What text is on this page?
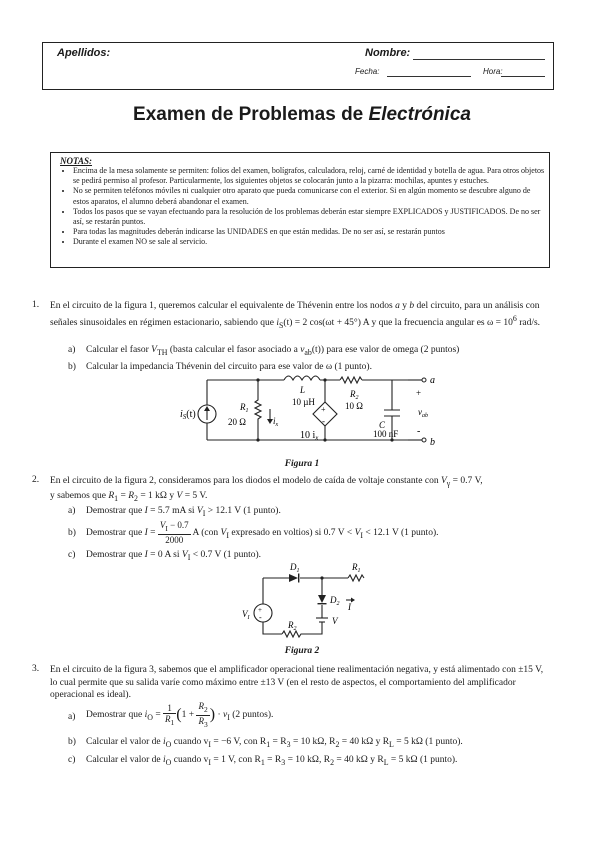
Apellidos:	Nombre:
Fecha:	Hora:
Examen de Problemas de Electrónica
NOTAS:
• Encima de la mesa solamente se permiten: folios del examen, bolígrafos, calculadora, reloj, carné de identidad y botella de agua. Para otros objetos se pedirá permiso al profesor. Particularmente, los siguientes objetos se colocarán junto a la pizarra: mochilas, apuntes y estuches.
• No se permiten teléfonos móviles ni cualquier otro aparato que pueda comunicarse con el exterior. Si en algún momento se descubre alguno de estos aparatos, el alumno deberá abandonar el examen.
• Todos los pasos que se vayan efectuando para la resolución de los problemas deberán estar siempre EXPLICADOS y JUSTIFICADOS. De no ser así, se restarán puntos.
• Para todas las magnitudes deberán indicarse las UNIDADES en que están medidas. De no ser así, se restarán puntos
• Durante el examen NO se sale al servicio.
1. En el circuito de la figura 1, queremos calcular el equivalente de Thévenin entre los nodos a y b del circuito, para un análisis con señales sinusoidales en régimen estacionario, sabiendo que $i_S(t) = 2$ cos(ωt + 45°) A y que la frecuencia angular es $\omega = 10^6$ rad/s.
a) Calcular el fasor $V_{TH}$ (basta calcular el fasor asociado a $v_{ab}(t)$) para ese valor de omega (2 puntos)
b) Calcular la impedancia Thévenin del circuito para ese valor de ω (1 punto).
+
-
$i_S(t)$
L
10 µH
$R_1$
20 Ω	$i_x$
10 $i_x$
$R_2$
10 Ω
C
100 nF
a
b
+
-
$v_{ab}$
Figura 1
2. En el circuito de la figura 2, consideramos para los diodos el modelo de caída de voltaje constante con $V_\gamma = 0.7$ V,
y sabemos que $R_1 = R_2 = 1$ kΩ y V = 5 V.
a) Demostrar que I = 5.7 mA si $V_I > 12.1$ V (1 punto).
b) Demostrar que $I = \frac{V_I - 0.7}{2000}$ A (con $V_I$ expresado en voltios) si 0.7 $V < V_I < 12.1$ V (1 punto).
c) Demostrar que I = 0 A si $V_I < 0.7$ V (1 punto).
+
-
$D_1$	$R_1$
$D_2$ I
V
$V_I$
$R_2$
Figura 2
3. En el circuito de la figura 3, sabemos que el amplificador operacional tiene realimentación negativa, y está alimentado con ±15 V, lo cual permite que su salida varíe como máximo entre ±13 V (en el resto de aspectos, el comportamiento del amplificador operacional es ideal).
a) Demostrar que $i_O = \frac{1}{R_1} (1 + \frac{R_2}{R_3}$ ) · $v_I$ (2 puntos).
b) Calcular el valor de $i_O$ cuando $v_I = -6$ V, con $R_1 = R_3 = 10$ kΩ, $R_2 = 40$ kΩ y $R_L = 5$ kΩ (1 punto).
c) Calcular el valor de $i_O$ cuando $v_I = 1$ V, con $R_1 = R_3 = 10$ kΩ, $R_2 = 40$ kΩ y $R_L = 5$ kΩ (1 punto).
